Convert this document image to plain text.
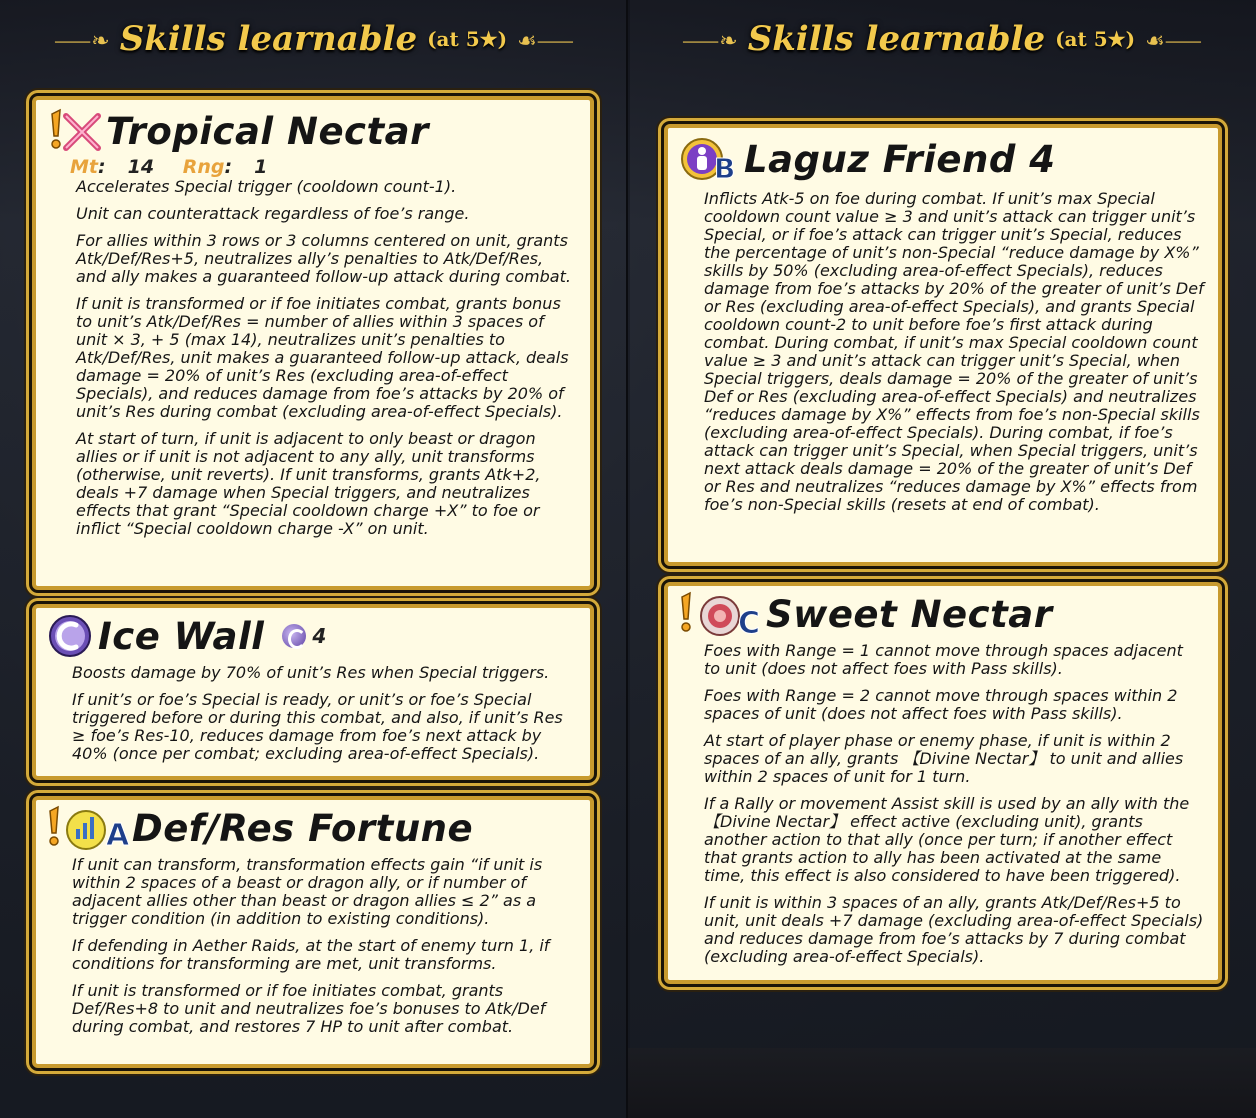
⸺❧ Skills learnable (at 5★) ☙⸺
Tropical Nectar
Mt: 14 Rng: 1

Accelerates Special trigger (cooldown count-1).

Unit can counterattack regardless of foe’s range.

For allies within 3 rows or 3 columns centered on unit, grants Atk/Def/Res+5, neutralizes ally’s penalties to Atk/Def/Res, and ally makes a guaranteed follow-up attack during combat.

If unit is transformed or if foe initiates combat, grants bonus to unit’s Atk/Def/Res = number of allies within 3 spaces of unit × 3, + 5 (max 14), neutralizes unit’s penalties to Atk/Def/Res, unit makes a guaranteed follow-up attack, deals damage = 20% of unit’s Res (excluding area-of-effect Specials), and reduces damage from foe’s attacks by 20% of unit’s Res during combat (excluding area-of-effect Specials).

At start of turn, if unit is adjacent to only beast or dragon allies or if unit is not adjacent to any ally, unit transforms (otherwise, unit reverts). If unit transforms, grants Atk+2, deals +7 damage when Special triggers, and neutralizes effects that grant “Special cooldown charge +X” to foe or inflict “Special cooldown charge -X” on unit.

Ice Wall 4

Boosts damage by 70% of unit’s Res when Special triggers.

If unit’s or foe’s Special is ready, or unit’s or foe’s Special triggered before or during this combat, and also, if unit’s Res ≥ foe’s Res-10, reduces damage from foe’s next attack by 40% (once per combat; excluding area-of-effect Specials).

A Def/Res Fortune

If unit can transform, transformation effects gain “if unit is within 2 spaces of a beast or dragon ally, or if number of adjacent allies other than beast or dragon allies ≤ 2” as a trigger condition (in addition to existing conditions).

If defending in Aether Raids, at the start of enemy turn 1, if conditions for transforming are met, unit transforms.

If unit is transformed or if foe initiates combat, grants Def/Res+8 to unit and neutralizes foe’s bonuses to Atk/Def during combat, and restores 7 HP to unit after combat.

⸺❧ Skills learnable (at 5★) ☙⸺
B Laguz Friend 4

Inflicts Atk-5 on foe during combat. If unit’s max Special cooldown count value ≥ 3 and unit’s attack can trigger unit’s Special, or if foe’s attack can trigger unit’s Special, reduces the percentage of unit’s non-Special “reduce damage by X%” skills by 50% (excluding area-of-effect Specials), reduces damage from foe’s attacks by 20% of the greater of unit’s Def or Res (excluding area-of-effect Specials), and grants Special cooldown count-2 to unit before foe’s first attack during combat. During combat, if unit’s max Special cooldown count value ≥ 3 and unit’s attack can trigger unit’s Special, when Special triggers, deals damage = 20% of the greater of unit’s Def or Res (excluding area-of-effect Specials) and neutralizes “reduces damage by X%” effects from foe’s non-Special skills (excluding area-of-effect Specials). During combat, if foe’s attack can trigger unit’s Special, when Special triggers, unit’s next attack deals damage = 20% of the greater of unit’s Def or Res and neutralizes “reduces damage by X%” effects from foe’s non-Special skills (resets at end of combat).

C Sweet Nectar

Foes with Range = 1 cannot move through spaces adjacent to unit (does not affect foes with Pass skills).

Foes with Range = 2 cannot move through spaces within 2 spaces of unit (does not affect foes with Pass skills).

At start of player phase or enemy phase, if unit is within 2 spaces of an ally, grants 【Divine Nectar】 to unit and allies within 2 spaces of unit for 1 turn.

If a Rally or movement Assist skill is used by an ally with the 【Divine Nectar】 effect active (excluding unit), grants another action to that ally (once per turn; if another effect that grants action to ally has been activated at the same time, this effect is also considered to have been triggered).

If unit is within 3 spaces of an ally, grants Atk/Def/Res+5 to unit, unit deals +7 damage (excluding area-of-effect Specials) and reduces damage from foe’s attacks by 7 during combat (excluding area-of-effect Specials).
